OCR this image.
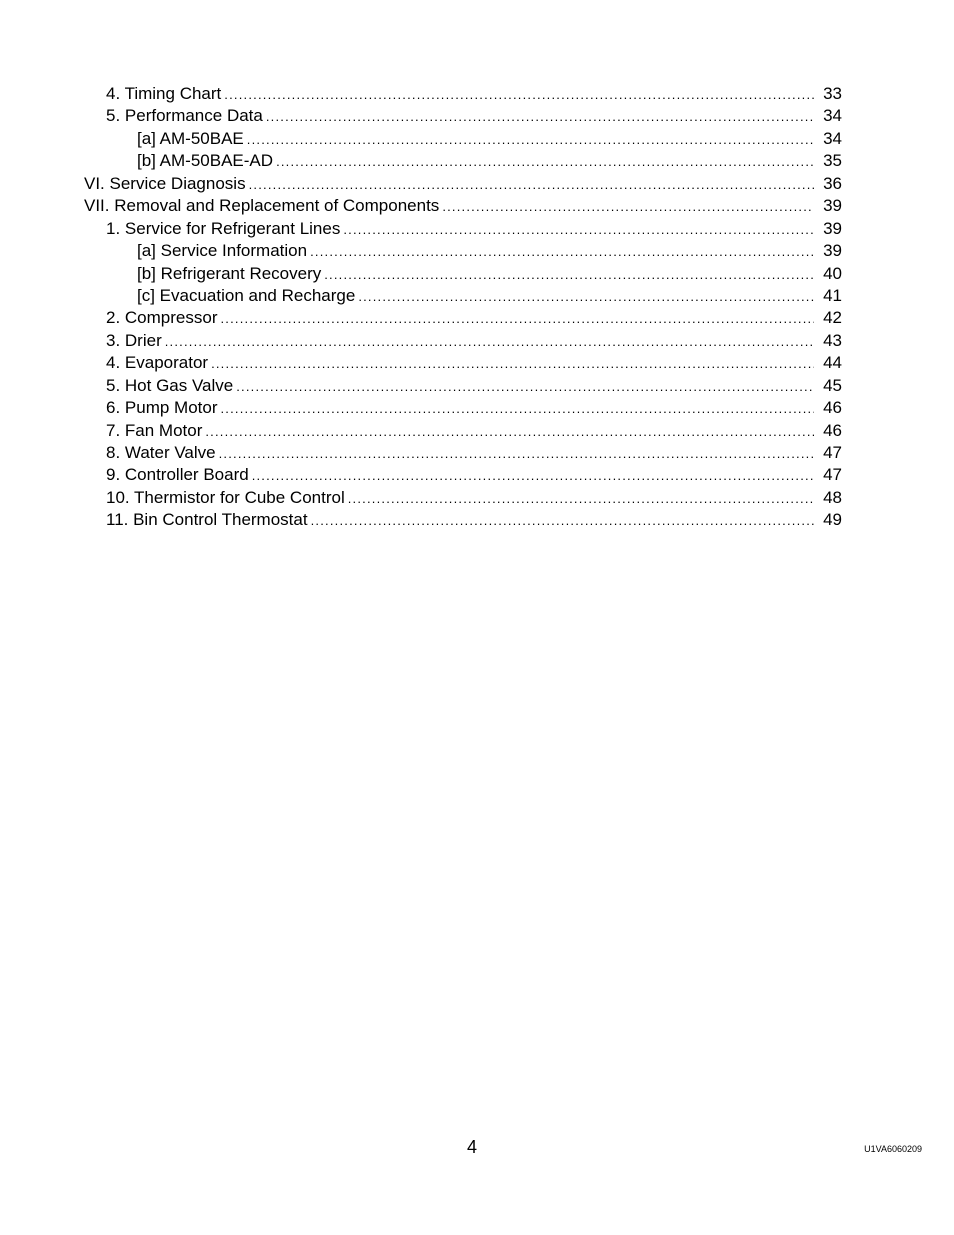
4. Timing Chart .....	33
5. Performance Data .....	34
[a] AM-50BAE .....	34
[b] AM-50BAE-AD .....	35
VI. Service Diagnosis .....	36
VII. Removal and Replacement of Components .....	39
1. Service for Refrigerant Lines .....	39
[a] Service Information .....	39
[b] Refrigerant Recovery .....	40
[c] Evacuation and Recharge .....	41
2. Compressor .....	42
3. Drier .....	43
4. Evaporator .....	44
5. Hot Gas Valve .....	45
6. Pump Motor .....	46
7. Fan Motor .....	46
8. Water Valve .....	47
9. Controller Board .....	47
10. Thermistor for Cube Control .....	48
11. Bin Control Thermostat .....	49
4	U1VA6060209
